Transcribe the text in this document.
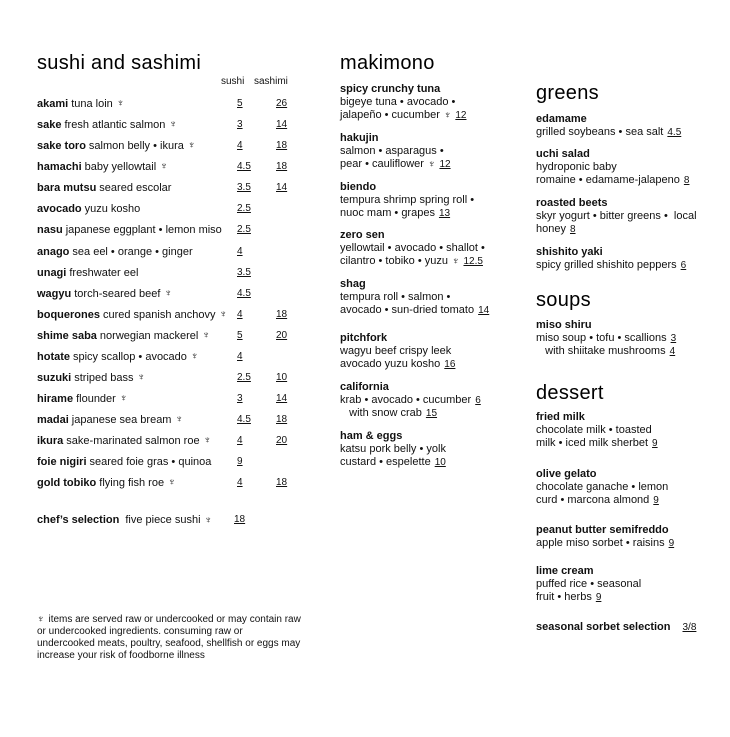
sushi and sashimi
sushi sashimi
akami tuna loin ♆	5	26
sake fresh atlantic salmon ♆	3	14
sake toro salmon belly • ikura ♆	4	18
hamachi baby yellowtail ♆	4.5	18
bara mutsu seared escolar	3.5	14
avocado yuzu kosho	2.5
nasu japanese eggplant • lemon miso 2.5
anago sea eel • orange • ginger	4
unagi freshwater eel	3.5
wagyu torch-seared beef ♆	4.5
boquerones cured spanish anchovy ♆ 4	18
shime saba norwegian mackerel ♆	5	20
hotate spicy scallop • avocado ♆	4
suzuki striped bass ♆	2.5	10
hirame flounder ♆	3	14
madai japanese sea bream ♆	4.5	18
ikura sake-marinated salmon roe ♆	4	20
foie nigiri seared foie gras • quinoa	9
gold tobiko flying fish roe ♆	4	18
chef’s selection five piece sushi ♆ 18
♆ items are served raw or undercooked or may contain raw or undercooked ingredients. consuming raw or undercooked meats, poultry, seafood, shellfish or eggs may increase your risk of foodborne illness
makimono
spicy crunchy tuna
bigeye tuna • avocado •
jalapeño • cucumber ♆ 12
hakujin
salmon • asparagus •
pear • cauliflower ♆ 12
biendo
tempura shrimp spring roll •
nuoc mam • grapes 13
zero sen
yellowtail • avocado • shallot •
cilantro • tobiko • yuzu ♆ 12.5
shag
tempura roll • salmon •
avocado • sun-dried tomato 14
pitchfork
wagyu beef crispy leek
avocado yuzu kosho 16
california
krab • avocado • cucumber 6
with snow crab 15
ham & eggs
katsu pork belly • yolk
custard • espelette 10
greens
edamame
grilled soybeans • sea salt 4.5
uchi salad
hydroponic baby
romaine • edamame-jalapeno 8
roasted beets
skyr yogurt • bitter greens •  local
honey 8
shishito yaki
spicy grilled shishito peppers 6
soups
miso shiru
miso soup • tofu • scallions 3
with shiitake mushrooms 4
dessert
fried milk
chocolate milk • toasted
milk • iced milk sherbet 9
olive gelato
chocolate ganache • lemon
curd • marcona almond 9
peanut butter semifreddo
apple miso sorbet • raisins 9
lime cream
puffed rice • seasonal
fruit • herbs 9
seasonal sorbet selection 3/8
